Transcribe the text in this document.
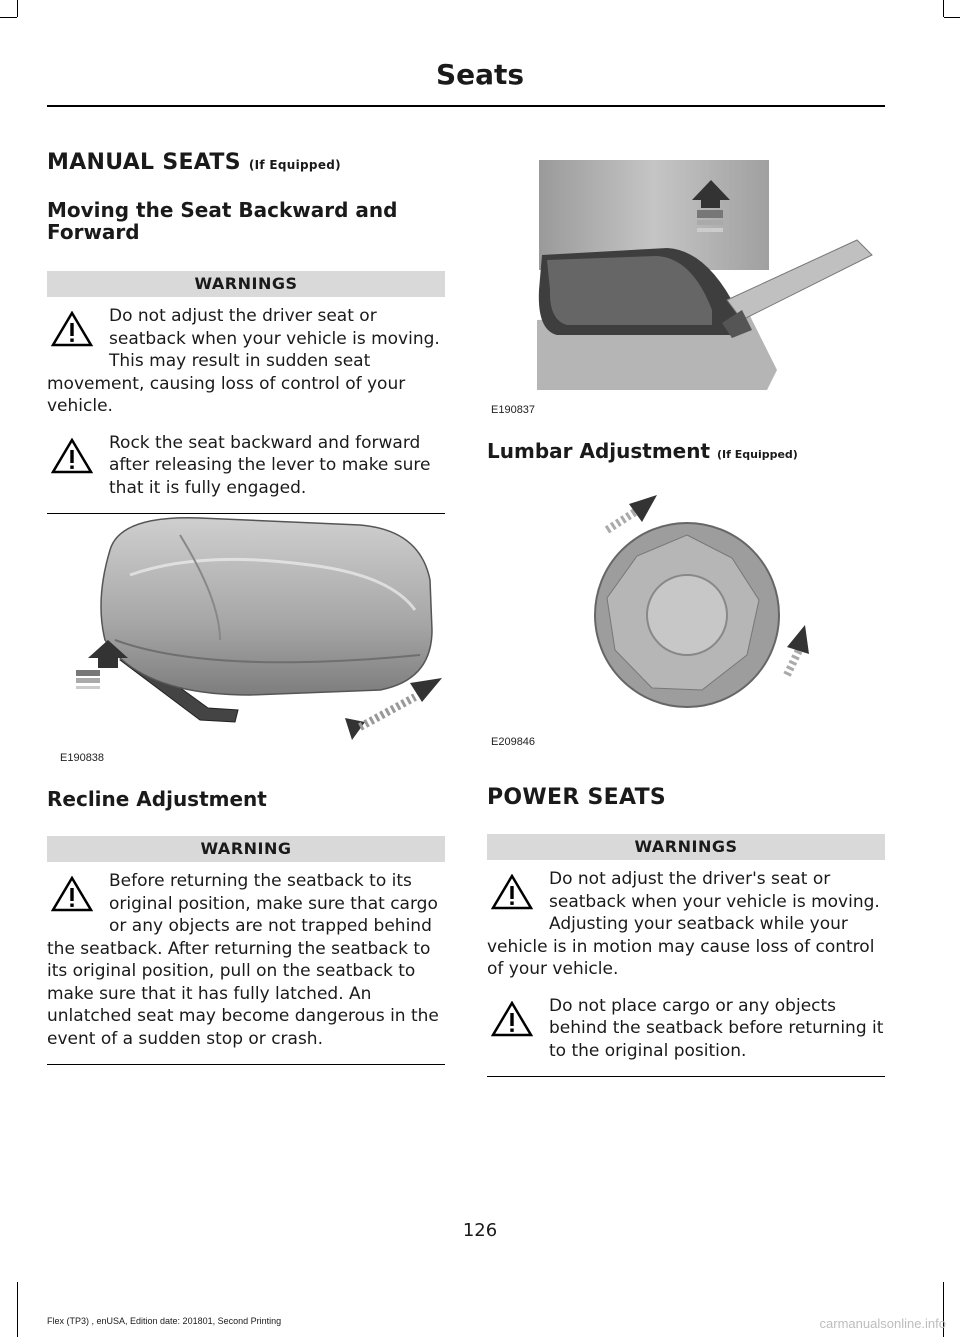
Seats
MANUAL SEATS (If Equipped)
Moving the Seat Backward and Forward
WARNINGS
Do not adjust the driver seat or seatback when your vehicle is moving. This may result in sudden seat movement, causing loss of control of your vehicle.
Rock the seat backward and forward after releasing the lever to make sure that it is fully engaged.
E190838
Recline Adjustment
WARNING
Before returning the seatback to its original position, make sure that cargo or any objects are not trapped behind the seatback. After returning the seatback to its original position, pull on the seatback to make sure that it has fully latched. An unlatched seat may become dangerous in the event of a sudden stop or crash.
E190837
Lumbar Adjustment (If Equipped)
E209846
POWER SEATS
WARNINGS
Do not adjust the driver's seat or seatback when your vehicle is moving. Adjusting your seatback while your vehicle is in motion may cause loss of control of your vehicle.
Do not place cargo or any objects behind the seatback before returning it to the original position.
126
Flex (TP3) , enUSA, Edition date: 201801, Second Printing	carmanualsonline.info
